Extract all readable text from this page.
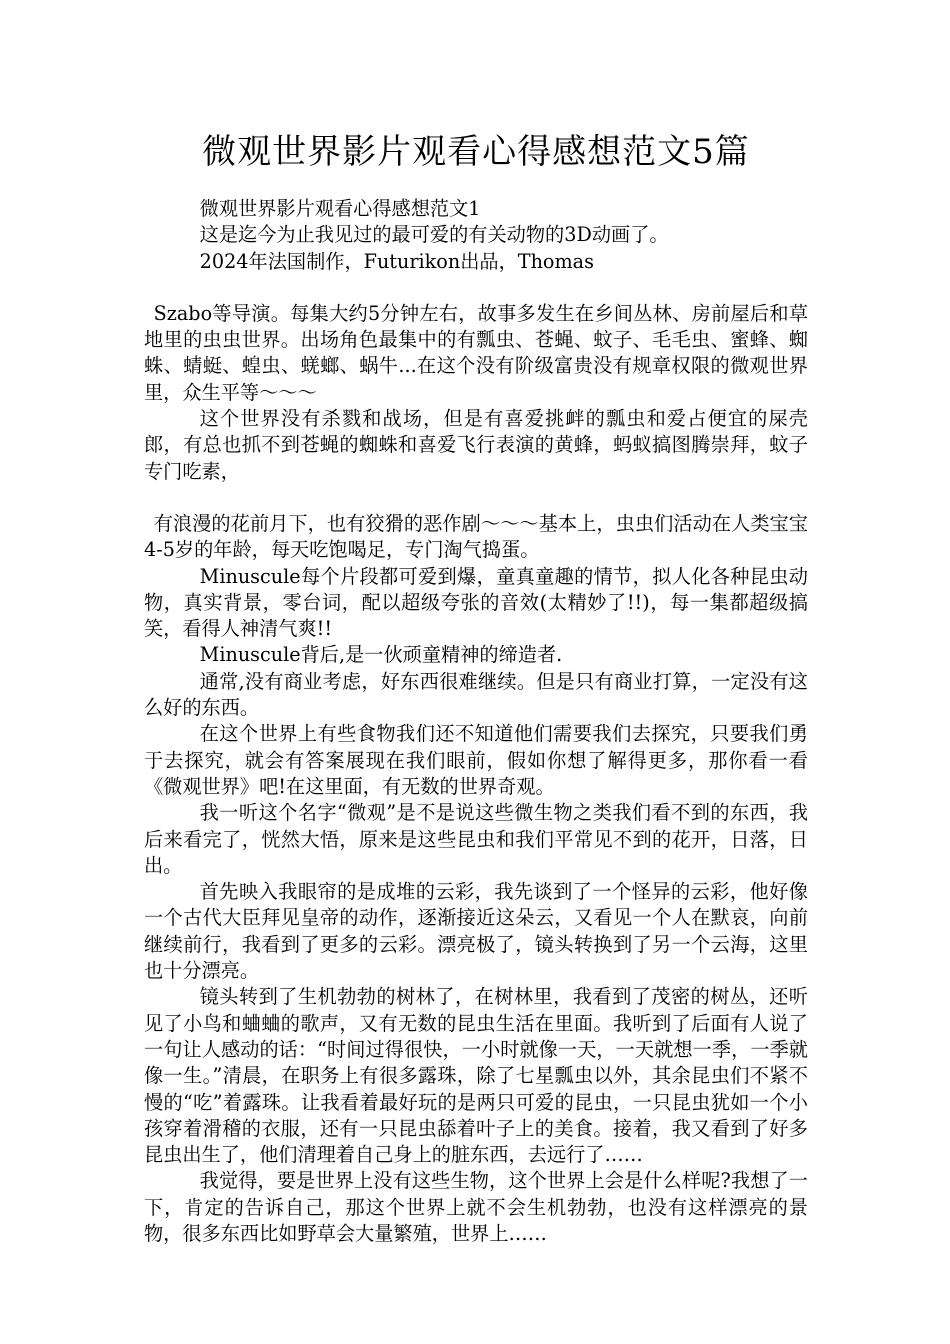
微观世界影片观看心得感想范文5篇

微观世界影片观看心得感想范文1

这是迄今为止我见过的最可爱的有关动物的3D动画了。

2024年法国制作，Futurikon出品，Thomas

Szabo等导演。每集大约5分钟左右，故事多发生在乡间丛林、房前屋后和草地里的虫虫世界。出场角色最集中的有瓢虫、苍蝇、蚊子、毛毛虫、蜜蜂、蜘蛛、蜻蜓、蝗虫、蜣螂、蜗牛...在这个没有阶级富贵没有规章权限的微观世界里，众生平等～～～

这个世界没有杀戮和战场，但是有喜爱挑衅的瓢虫和爱占便宜的屎壳郎，有总也抓不到苍蝇的蜘蛛和喜爱飞行表演的黄蜂，蚂蚁搞图腾崇拜，蚊子专门吃素，

有浪漫的花前月下，也有狡猾的恶作剧～～～基本上，虫虫们活动在人类宝宝4-5岁的年龄，每天吃饱喝足，专门淘气捣蛋。

Minuscule每个片段都可爱到爆，童真童趣的情节，拟人化各种昆虫动物，真实背景，零台词，配以超级夸张的音效(太精妙了!!)，每一集都超级搞笑，看得人神清气爽!!

Minuscule背后,是一伙顽童精神的缔造者.

通常,没有商业考虑，好东西很难继续。但是只有商业打算，一定没有这么好的东西。

在这个世界上有些食物我们还不知道他们需要我们去探究，只要我们勇于去探究，就会有答案展现在我们眼前，假如你想了解得更多，那你看一看《微观世界》吧!在这里面，有无数的世界奇观。

我一听这个名字“微观”是不是说这些微生物之类我们看不到的东西，我后来看完了，恍然大悟，原来是这些昆虫和我们平常见不到的花开，日落，日出。

首先映入我眼帘的是成堆的云彩，我先谈到了一个怪异的云彩，他好像一个古代大臣拜见皇帝的动作，逐渐接近这朵云，又看见一个人在默哀，向前继续前行，我看到了更多的云彩。漂亮极了，镜头转换到了另一个云海，这里也十分漂亮。

镜头转到了生机勃勃的树林了，在树林里，我看到了茂密的树丛，还听见了小鸟和蛐蛐的歌声，又有无数的昆虫生活在里面。我听到了后面有人说了一句让人感动的话：“时间过得很快，一小时就像一天，一天就想一季，一季就像一生。”清晨，在职务上有很多露珠，除了七星瓢虫以外，其余昆虫们不紧不慢的“吃”着露珠。让我看着最好玩的是两只可爱的昆虫，一只昆虫犹如一个小孩穿着滑稽的衣服，还有一只昆虫舔着叶子上的美食。接着，我又看到了好多昆虫出生了，他们清理着自己身上的脏东西，去远行了……

我觉得，要是世界上没有这些生物，这个世界上会是什么样呢?我想了一下，肯定的告诉自己，那这个世界上就不会生机勃勃，也没有这样漂亮的景物，很多东西比如野草会大量繁殖，世界上……
